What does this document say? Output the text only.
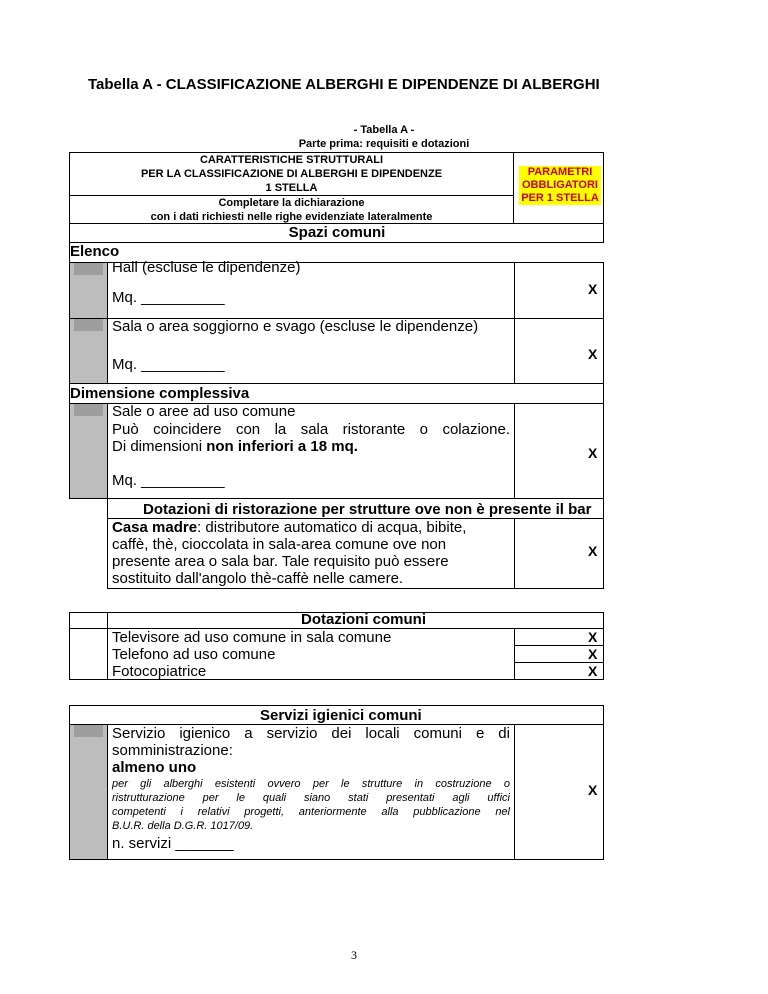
Tabella A - CLASSIFICAZIONE ALBERGHI E DIPENDENZE DI ALBERGHI
- Tabella A -
Parte prima: requisiti e dotazioni
CARATTERISTICHE STRUTTURALI
PER LA CLASSIFICAZIONE DI ALBERGHI E DIPENDENZE
1 STELLA
Completare la dichiarazione
con i dati richiesti nelle righe evidenziate lateralmente
PARAMETRI
OBBLIGATORI
PER 1 STELLA
Spazi comuni
Elenco
Hall (escluse le dipendenze)
Mq. __________	X
Sala o area soggiorno e svago (escluse le dipendenze)
Mq. __________
X
Dimensione complessiva
Sale o aree ad uso comune
Può coincidere con la sala ristorante o colazione.
Di dimensioni non inferiori a 18 mq.
Mq. __________
X
Dotazioni di ristorazione per strutture ove non è presente il bar
Casa madre: distributore automatico di acqua, bibite,
caffè, thè, cioccolata in sala-area comune ove non
presente area o sala bar. Tale requisito può essere
sostituito dall'angolo thè-caffè nelle camere.
X
Dotazioni comuni
Televisore ad uso comune in sala comune
Telefono ad uso comune
Fotocopiatrice
X
X
X
Servizi igienici comuni
Servizio igienico a servizio dei locali comuni e di
somministrazione:
almeno uno
per gli alberghi esistenti ovvero per le strutture in costruzione o
ristrutturazione per le quali siano stati presentati agli uffici
competenti i relativi progetti, anteriormente alla pubblicazione nel
B.U.R. della D.G.R. 1017/09.
n. servizi _______
X
3
